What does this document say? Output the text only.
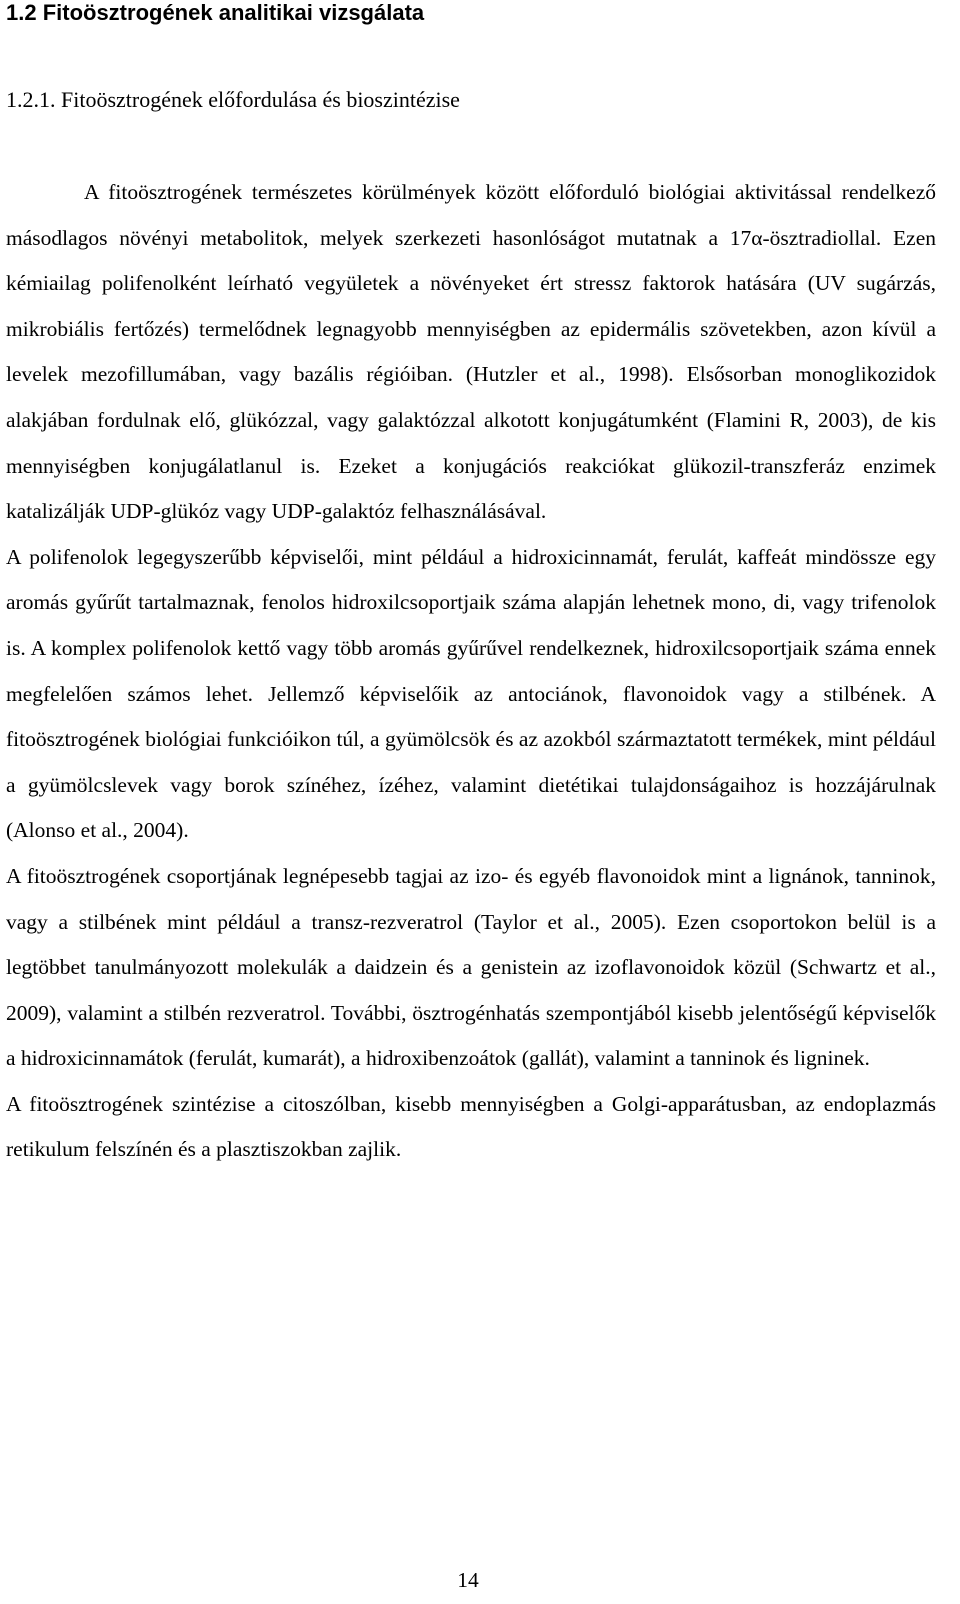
1.2 Fitoösztrogének analitikai vizsgálata
1.2.1. Fitoösztrogének előfordulása és bioszintézise

A fitoösztrogének természetes körülmények között előforduló biológiai aktivitással rendelkező másodlagos növényi metabolitok, melyek szerkezeti hasonlóságot mutatnak a 17α-ösztradiollal. Ezen kémiailag polifenolként leírható vegyületek a növényeket ért stressz faktorok hatására (UV sugárzás, mikrobiális fertőzés) termelődnek legnagyobb mennyiségben az epidermális szövetekben, azon kívül a levelek mezofillumában, vagy bazális régióiban. (Hutzler et al., 1998). Elsősorban monoglikozidok alakjában fordulnak elő, glükózzal, vagy galaktózzal alkotott konjugátumként (Flamini R, 2003), de kis mennyiségben konjugálatlanul is. Ezeket a konjugációs reakciókat glükozil-transzferáz enzimek katalizálják UDP-glükóz vagy UDP-galaktóz felhasználásával.

A polifenolok legegyszerűbb képviselői, mint például a hidroxicinnamát, ferulát, kaffeát mindössze egy aromás gyűrűt tartalmaznak, fenolos hidroxilcsoportjaik száma alapján lehetnek mono, di, vagy trifenolok is. A komplex polifenolok kettő vagy több aromás gyűrűvel rendelkeznek, hidroxilcsoportjaik száma ennek megfelelően számos lehet. Jellemző képviselőik az antociánok, flavonoidok vagy a stilbének. A fitoösztrogének biológiai funkcióikon túl, a gyümölcsök és az azokból származtatott termékek, mint például a gyümölcslevek vagy borok színéhez, ízéhez, valamint dietétikai tulajdonságaihoz is hozzájárulnak (Alonso et al., 2004).

A fitoösztrogének csoportjának legnépesebb tagjai az izo- és egyéb flavonoidok mint a lignánok, tanninok, vagy a stilbének mint például a transz-rezveratrol (Taylor et al., 2005). Ezen csoportokon belül is a legtöbbet tanulmányozott molekulák a daidzein és a genistein az izoflavonoidok közül (Schwartz et al., 2009), valamint a stilbén rezveratrol. További, ösztrogénhatás szempontjából kisebb jelentőségű képviselők a hidroxicinnamátok (ferulát, kumarát), a hidroxibenzoátok (gallát), valamint a tanninok és ligninek.

A fitoösztrogének szintézise a citoszólban, kisebb mennyiségben a Golgi-apparátusban, az endoplazmás retikulum felszínén és a plasztiszokban zajlik.

14
